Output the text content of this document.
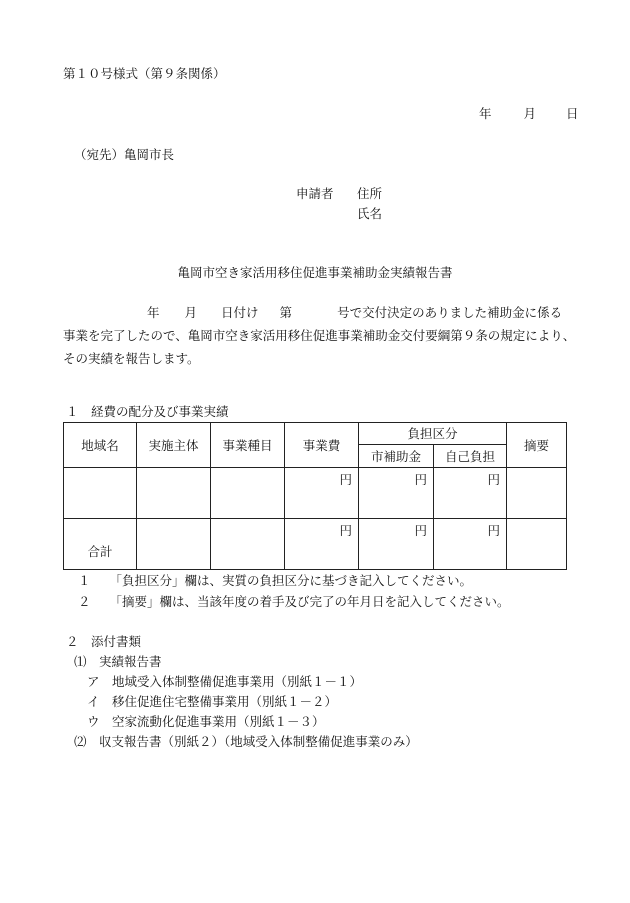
第１０号様式（第９条関係）
年	月 日
（宛先）亀岡市長
申請者 住所
氏名
亀岡市空き家活用移住促進事業補助金実績報告書
年 月 日付け 第	号で交付決定のありました補助金に係る
事業を完了したので、亀岡市空き家活用移住促進事業補助金交付要綱第９条の規定により、
その実績を報告します。
１　経費の配分及び事業実績
地域名	実施主体	事業種目	事業費	負担区分		摘要
				市補助金	自己負担	
			円	円	円	
合計			円	円	円	
１ 「負担区分」欄は、実質の負担区分に基づき記入してください。
２ 「摘要」欄は、当該年度の着手及び完了の年月日を記入してください。
２　添付書類
⑴　実績報告書
ア　地域受入体制整備促進事業用（別紙１－１）
イ　移住促進住宅整備事業用（別紙１－２）
ウ　空家流動化促進事業用（別紙１－３）
⑵　収支報告書（別紙２）（地域受入体制整備促進事業のみ）
